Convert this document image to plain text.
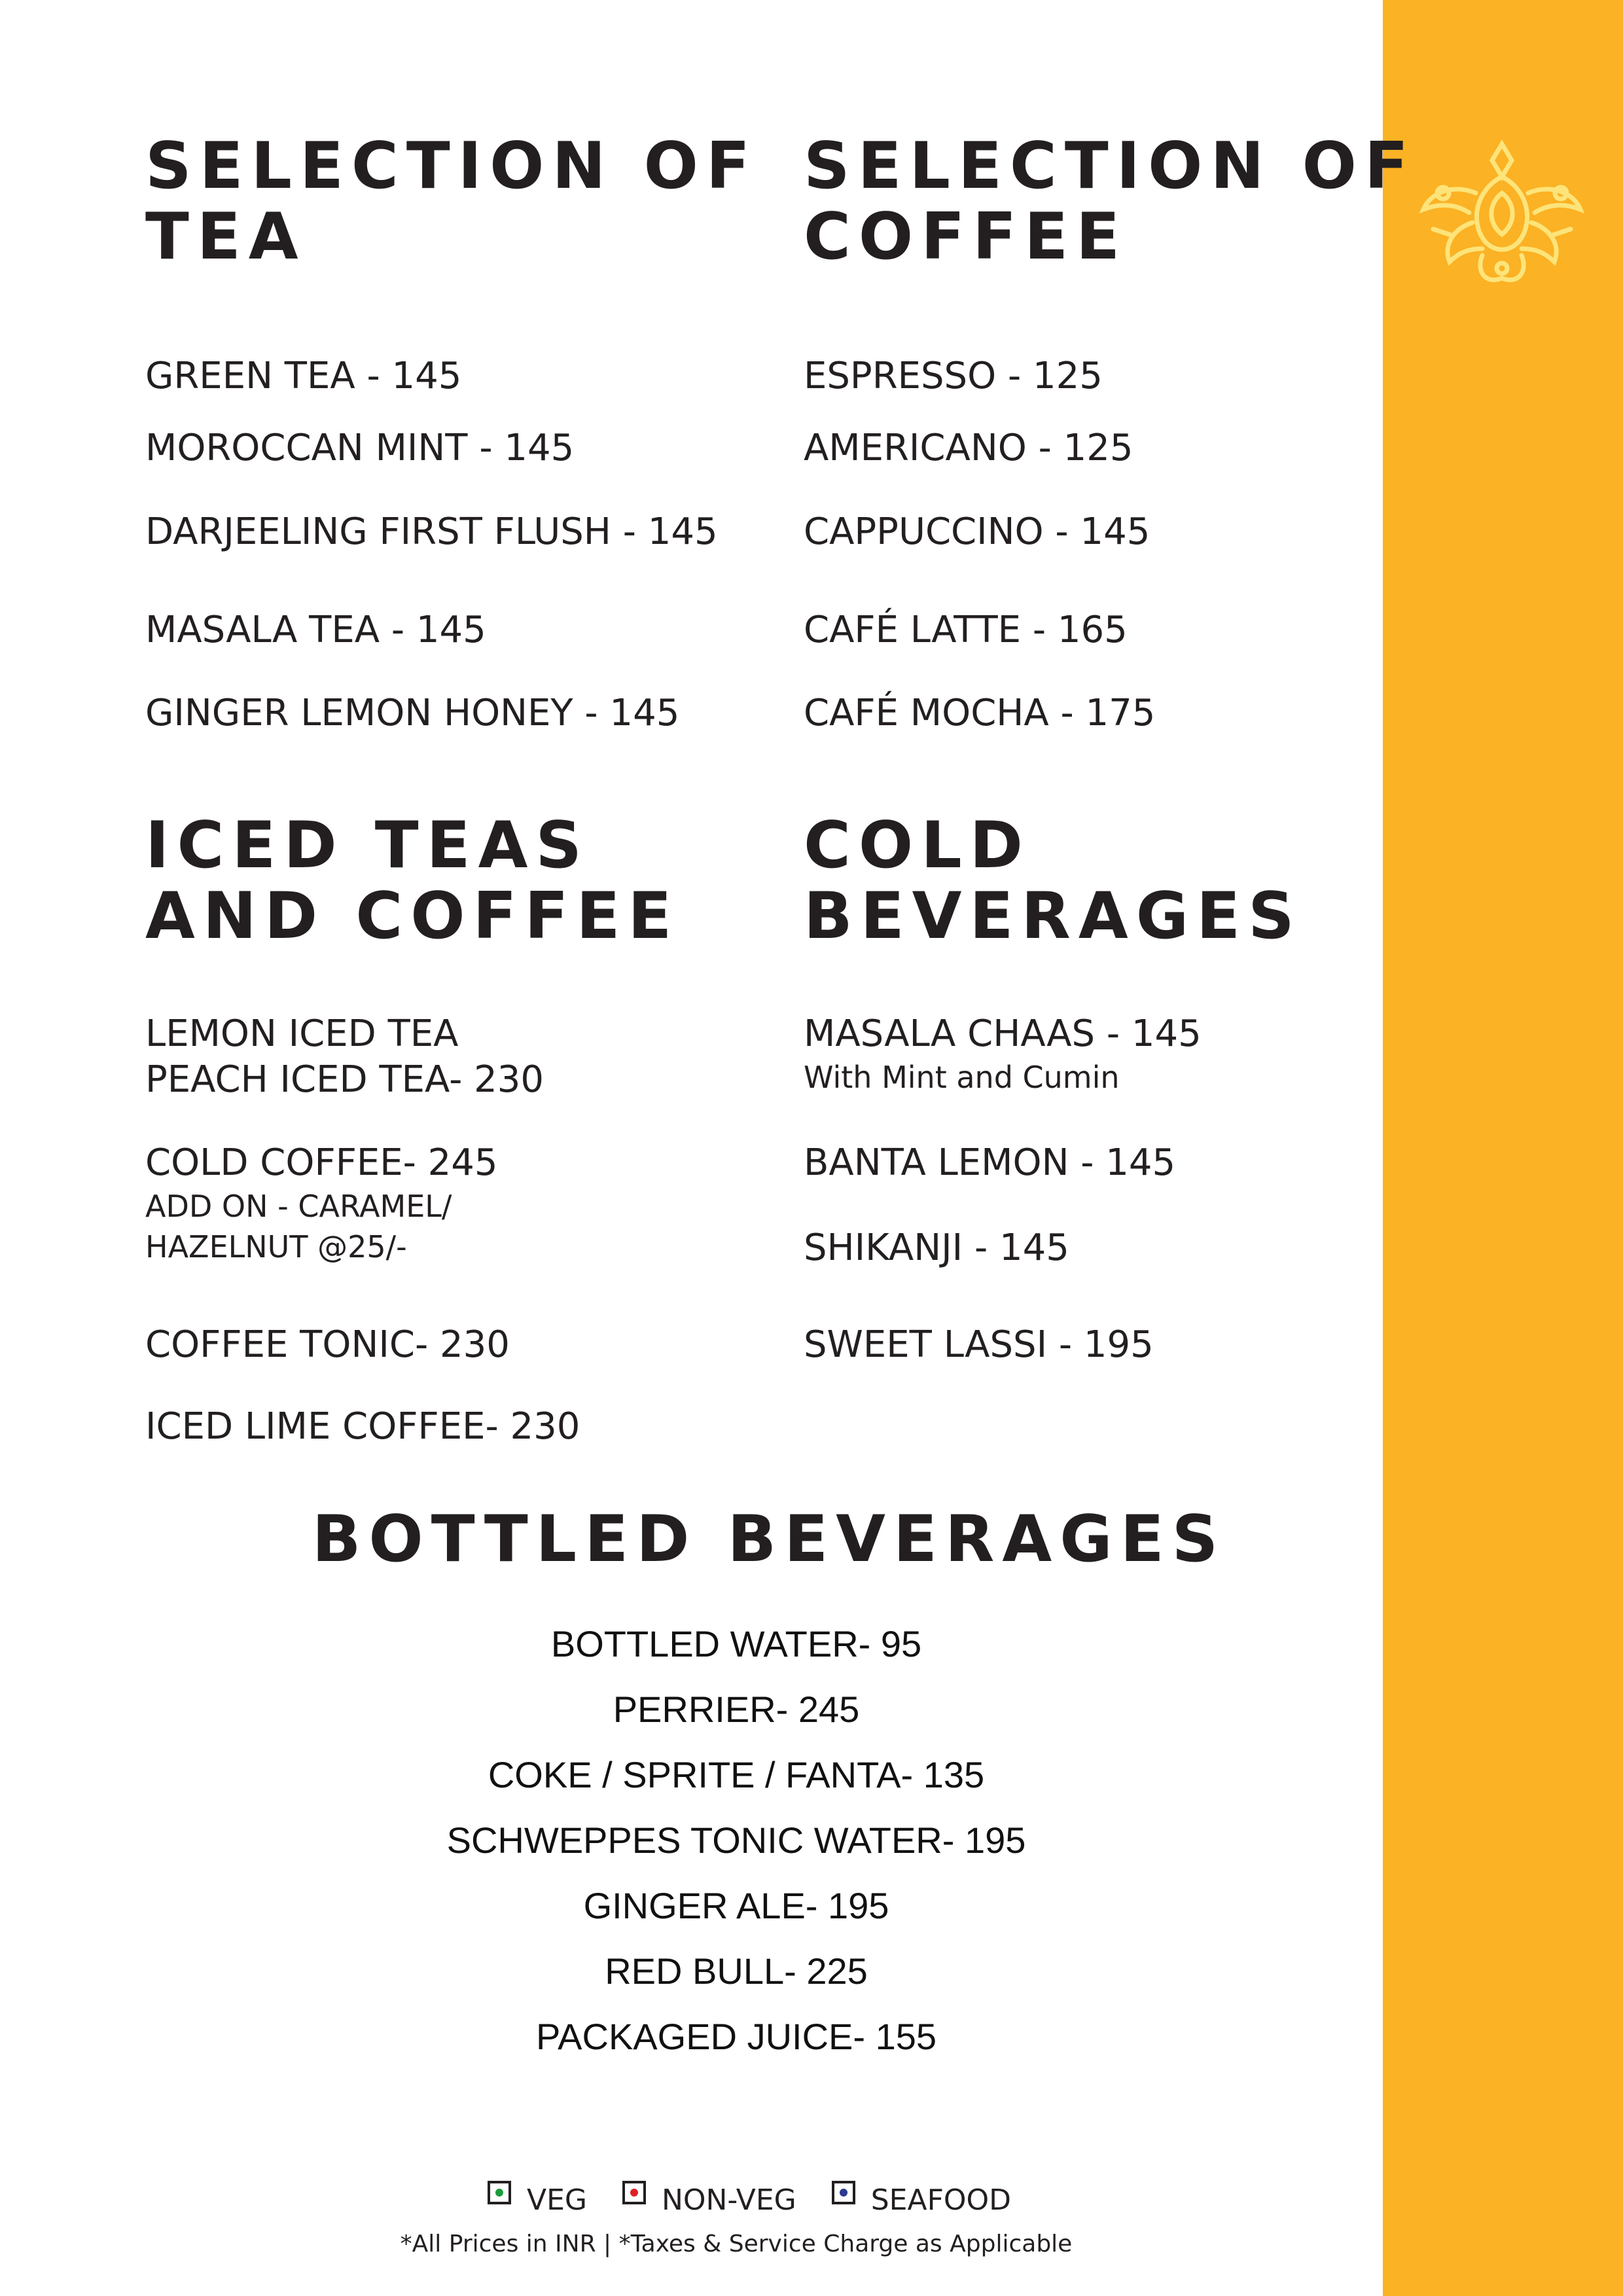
SELECTION OF
TEA
GREEN TEA - 145
MOROCCAN MINT - 145
DARJEELING FIRST FLUSH - 145
MASALA TEA - 145
GINGER LEMON HONEY - 145
SELECTION OF
COFFEE
ESPRESSO - 125
AMERICANO - 125
CAPPUCCINO - 145
CAFÉ LATTE - 165
CAFÉ MOCHA - 175
ICED TEAS
AND COFFEE
LEMON ICED TEA
PEACH ICED TEA- 230
COLD COFFEE- 245
ADD ON - CARAMEL/
HAZELNUT @25/-
COFFEE TONIC- 230
ICED LIME COFFEE- 230
COLD
BEVERAGES
MASALA CHAAS - 145
With Mint and Cumin
BANTA LEMON - 145
SHIKANJI - 145
SWEET LASSI - 195
BOTTLED BEVERAGES
BOTTLED WATER- 95
PERRIER- 245
COKE / SPRITE / FANTA- 135
SCHWEPPES TONIC WATER- 195
GINGER ALE- 195
RED BULL- 225
PACKAGED JUICE- 155
VEG	NON-VEG	SEAFOOD
*All Prices in INR | *Taxes & Service Charge as Applicable
